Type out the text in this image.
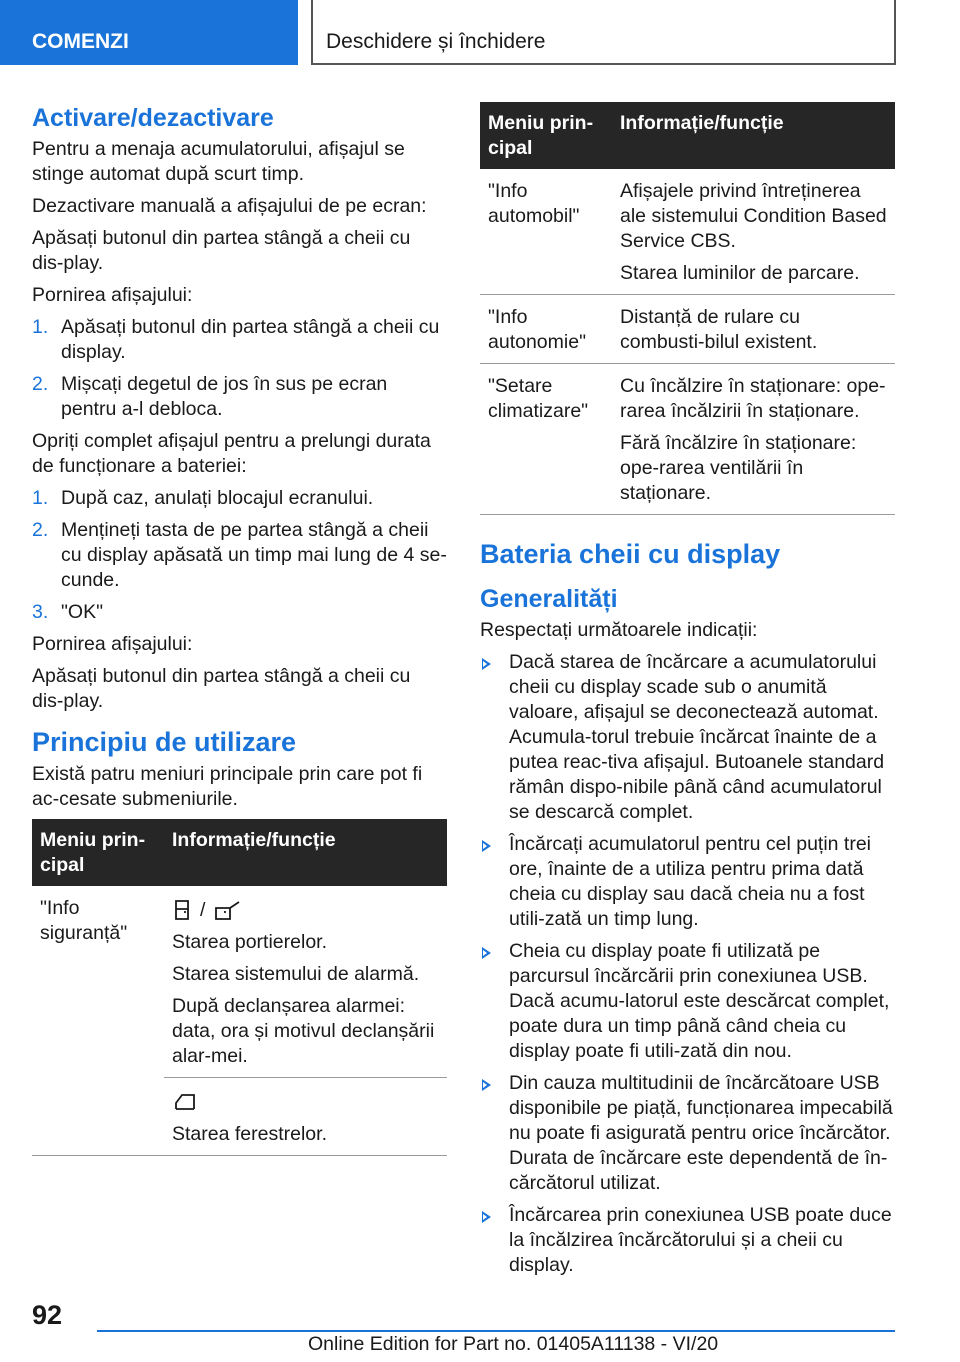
COMENZI	Deschidere și închidere
Activare/dezactivare

Pentru a menaja acumulatorului, afișajul se stinge automat după scurt timp.

Dezactivare manuală a afișajului de pe ecran:

Apăsați butonul din partea stângă a cheii cu dis-play.

Pornirea afișajului:

1. Apăsați butonul din partea stângă a cheii cu display.
2. Mișcați degetul de jos în sus pe ecran pentru a-l debloca.

Opriți complet afișajul pentru a prelungi durata de funcționare a bateriei:

1. După caz, anulați blocajul ecranului.
2. Mențineți tasta de pe partea stângă a cheii cu display apăsată un timp mai lung de 4 se-cunde.
3. "OK"

Pornirea afișajului:

Apăsați butonul din partea stângă a cheii cu dis-play.

Principiu de utilizare

Există patru meniuri principale prin care pot fi ac-cesate submeniurile.

Meniu prin-cipal	Informație/funcție
"Info siguranță"	/

Starea portierelor.

Starea sistemului de alarmă.

După declanșarea alarmei: data, ora și motivul declanșării alar-mei.

Starea ferestrelor.

Meniu prin-cipal	Informație/funcție
"Info automobil"	Afișajele privind întreținerea ale sistemului Condition Based Service CBS.

Starea luminilor de parcare.

"Info autonomie"	Distanță de rulare cu combusti-bilul existent.

"Setare climatizare"	Cu încălzire în staționare: ope-rarea încălzirii în staționare.

Fără încălzire în staționare: ope-rarea ventilării în staționare.

Bateria cheii cu display
Generalități

Respectați următoarele indicații:

Dacă starea de încărcare a acumulatorului cheii cu display scade sub o anumită valoare, afișajul se deconectează automat. Acumula-torul trebuie încărcat înainte de a putea reac-tiva afișajul. Butoanele standard rămân dispo-nibile până când acumulatorul se descarcă complet.
Încărcați acumulatorul pentru cel puțin trei ore, înainte de a utiliza pentru prima dată cheia cu display sau dacă cheia nu a fost utili-zată un timp lung.
Cheia cu display poate fi utilizată pe parcursul încărcării prin conexiunea USB. Dacă acumu-latorul este descărcat complet, poate dura un timp până când cheia cu display poate fi utili-zată din nou.
Din cauza multitudinii de încărcătoare USB disponibile pe piață, funcționarea impecabilă nu poate fi asigurată pentru orice încărcător. Durata de încărcare este dependentă de în-cărcătorul utilizat.
Încărcarea prin conexiunea USB poate duce la încălzirea încărcătorului și a cheii cu display.
92
Online Edition for Part no. 01405A11138 - VI/20
